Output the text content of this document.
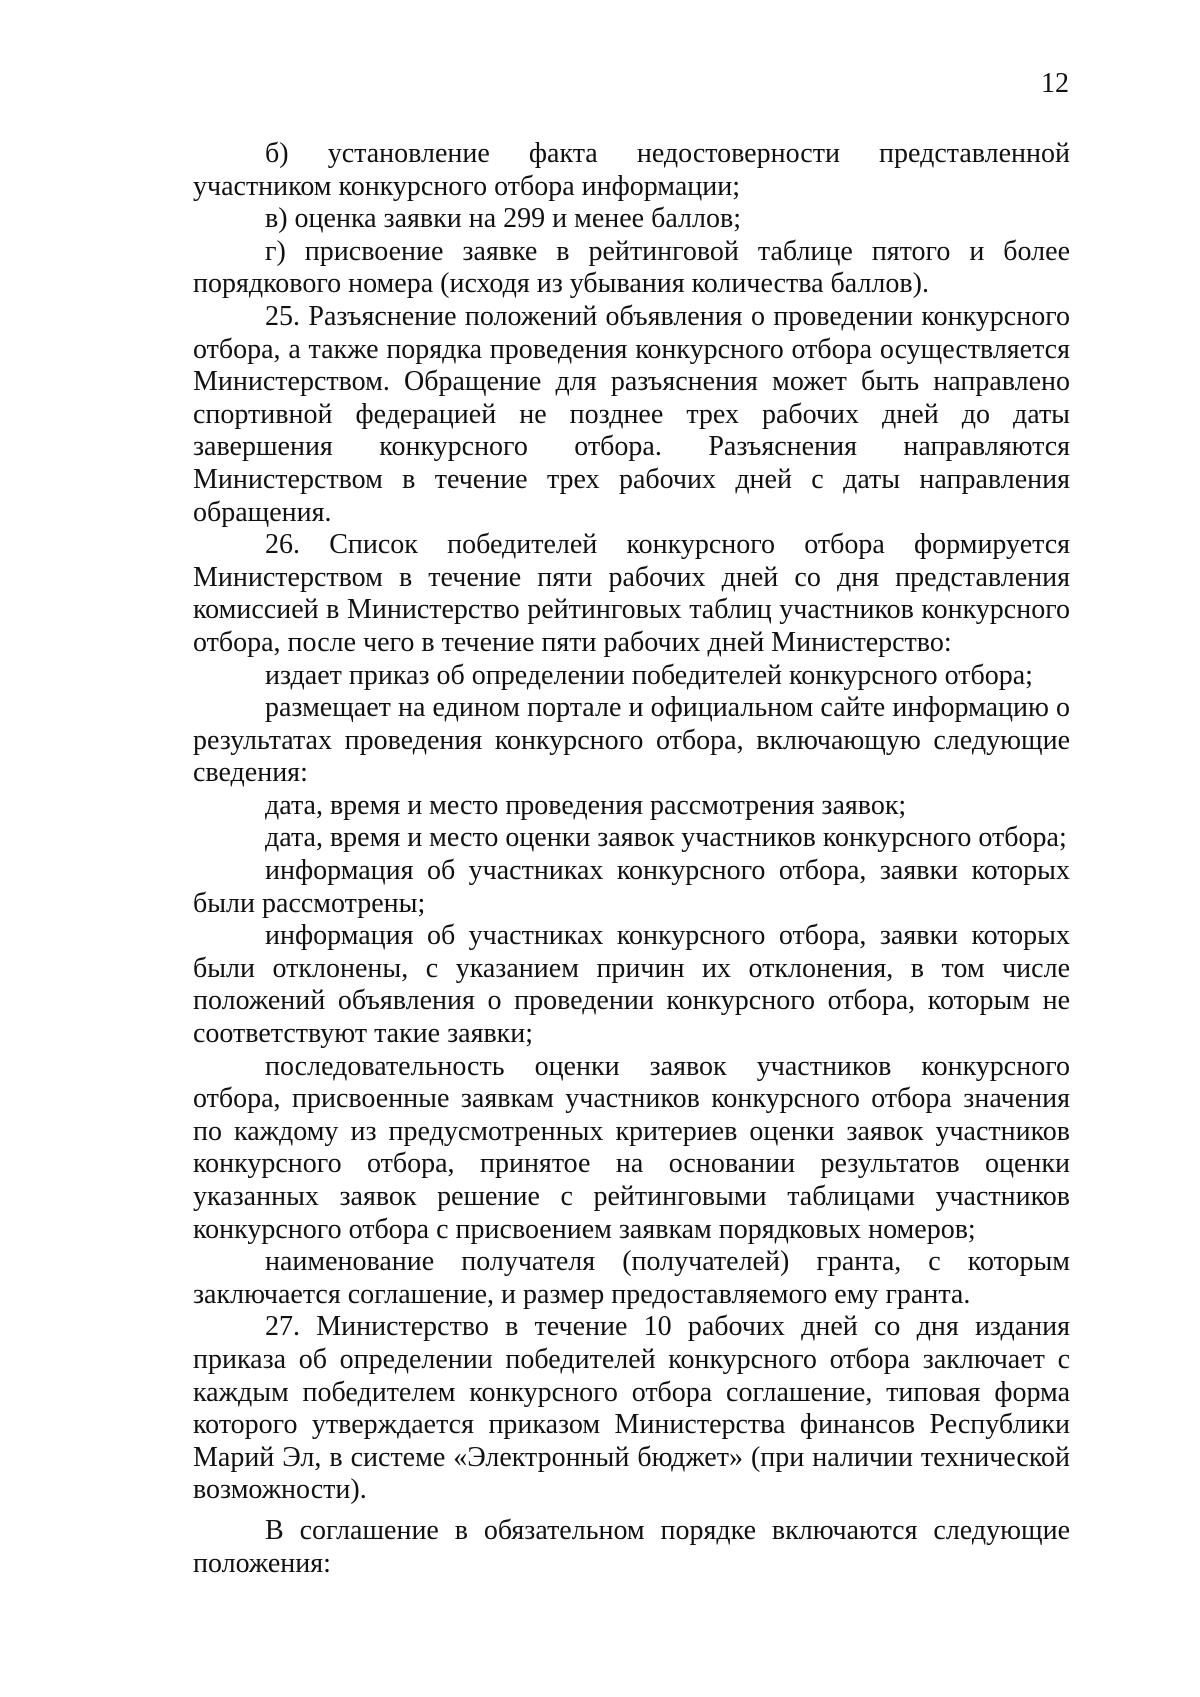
12

б) установление факта недостоверности представленной участником конкурсного отбора информации;

в) оценка заявки на 299 и менее баллов;

г) присвоение заявке в рейтинговой таблице пятого и более порядкового номера (исходя из убывания количества баллов).

25. Разъяснение положений объявления о проведении конкурсного отбора, а также порядка проведения конкурсного отбора осуществляется Министерством. Обращение для разъяснения может быть направлено спортивной федерацией не позднее трех рабочих дней до даты завершения конкурсного отбора. Разъяснения направляются Министерством в течение трех рабочих дней с даты направления обращения.

26. Список победителей конкурсного отбора формируется Министерством в течение пяти рабочих дней со дня представления комиссией в Министерство рейтинговых таблиц участников конкурсного отбора, после чего в течение пяти рабочих дней Министерство:

издает приказ об определении победителей конкурсного отбора;

размещает на едином портале и официальном сайте информацию о результатах проведения конкурсного отбора, включающую следующие сведения:

дата, время и место проведения рассмотрения заявок;

дата, время и место оценки заявок участников конкурсного отбора;

информация об участниках конкурсного отбора, заявки которых были рассмотрены;

информация об участниках конкурсного отбора, заявки которых были отклонены, с указанием причин их отклонения, в том числе положений объявления о проведении конкурсного отбора, которым не соответствуют такие заявки;

последовательность оценки заявок участников конкурсного отбора, присвоенные заявкам участников конкурсного отбора значения по каждому из предусмотренных критериев оценки заявок участников конкурсного отбора, принятое на основании результатов оценки указанных заявок решение с рейтинговыми таблицами участников конкурсного отбора с присвоением заявкам порядковых номеров;

наименование получателя (получателей) гранта, с которым заключается соглашение, и размер предоставляемого ему гранта.

27. Министерство в течение 10 рабочих дней со дня издания приказа об определении победителей конкурсного отбора заключает с каждым победителем конкурсного отбора соглашение, типовая форма которого утверждается приказом Министерства финансов Республики Марий Эл, в системе «Электронный бюджет» (при наличии технической возможности).

В соглашение в обязательном порядке включаются следующие положения:
